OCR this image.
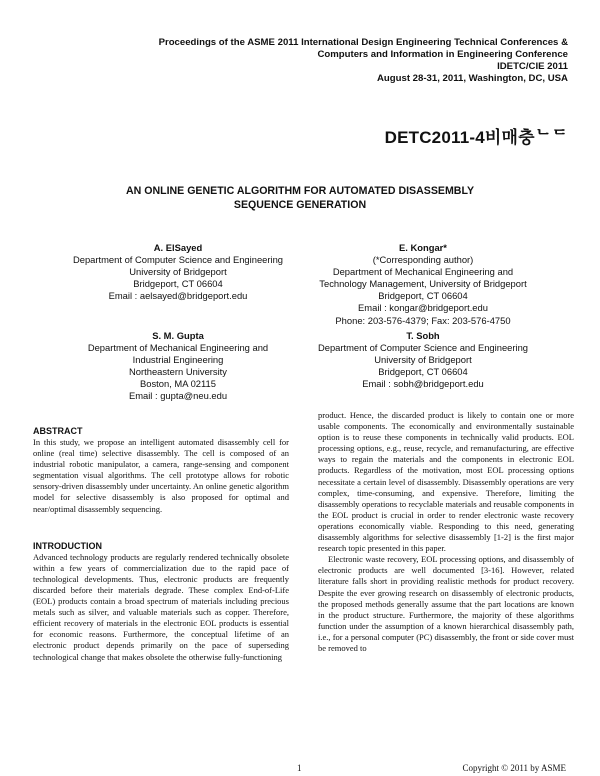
Proceedings of the ASME 2011 International Design Engineering Technical Conferences &
Computers and Information in Engineering Conference
IDETC/CIE 2011
August 28-31, 2011, Washington, DC, USA
DETC2011-4비매충ᄂᄃ
AN ONLINE GENETIC ALGORITHM FOR AUTOMATED DISASSEMBLY
SEQUENCE GENERATION
A. ElSayed
Department of Computer Science and Engineering
University of Bridgeport
Bridgeport, CT 06604
Email : aelsayed@bridgeport.edu
E. Kongar*
(*Corresponding author)
Department of Mechanical Engineering and
Technology Management, University of Bridgeport
Bridgeport, CT 06604
Email : kongar@bridgeport.edu
Phone: 203-576-4379; Fax: 203-576-4750
S. M. Gupta
Department of Mechanical Engineering and
Industrial Engineering
Northeastern University
Boston, MA 02115
Email : gupta@neu.edu
T. Sobh
Department of Computer Science and Engineering
University of Bridgeport
Bridgeport, CT 06604
Email : sobh@bridgeport.edu

ABSTRACT

In this study, we propose an intelligent automated disassembly cell for online (real time) selective disassembly. The cell is composed of an industrial robotic manipulator, a camera, range-sensing and component segmentation visual algorithms. The cell prototype allows for robotic sensory-driven disassembly under uncertainty. An online genetic algorithm model for selective disassembly is also proposed for optimal and near/optimal disassembly sequencing.

INTRODUCTION

Advanced technology products are regularly rendered technically obsolete within a few years of commercialization due to the rapid pace of technological developments. Thus, electronic products are frequently discarded before their materials degrade. These complex End-of-Life (EOL) products contain a broad spectrum of materials including precious metals such as silver, and valuable materials such as copper. Therefore, efficient recovery of materials in the electronic EOL products is essential for economic reasons. Furthermore, the conceptual lifetime of an electronic product depends primarily on the pace of superseding technological change that makes obsolete the otherwise fully-functioning

product. Hence, the discarded product is likely to contain one or more usable components. The economically and environmentally sustainable option is to reuse these components in technically valid products. EOL processing options, e.g., reuse, recycle, and remanufacturing, are effective ways to regain the materials and the components in electronic EOL products. Regardless of the motivation, most EOL processing options necessitate a certain level of disassembly. Disassembly operations are very complex, time-consuming, and expensive. Therefore, limiting the disassembly operations to recyclable materials and reusable components in the EOL product is crucial in order to render electronic waste recovery operations economically viable. Responding to this need, generating disassembly algorithms for selective disassembly [1-2] is the first major research topic presented in this paper.

Electronic waste recovery, EOL processing options, and disassembly of electronic products are well documented [3-16]. However, related literature falls short in providing realistic methods for product recovery. Despite the ever growing research on disassembly of electronic products, the proposed methods generally assume that the part locations are known in the product structure. Furthermore, the majority of these algorithms function under the assumption of a known hierarchical disassembly path, i.e., for a personal computer (PC) disassembly, the front or side cover must be removed to

1	Copyright © 2011 by ASME
